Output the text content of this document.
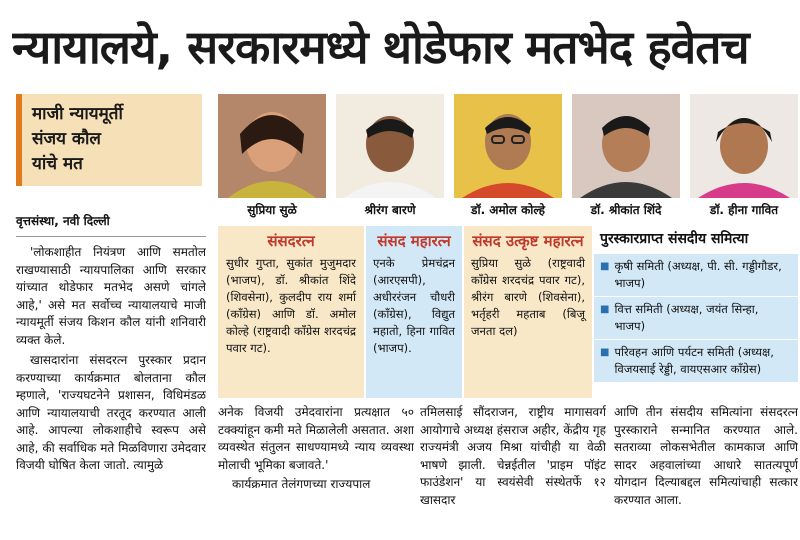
न्यायालये, सरकारमध्ये थोडेफार मतभेद हवेतच
माजी न्यायमूर्ती
संजय कौल
यांचे मत
सुप्रिया सुळे	श्रीरंग बारणे	डॉ. अमोल कोल्हे	डॉ. श्रीकांत शिंदे	डॉ. हीना गावित
वृत्तसंस्था, नवी दिल्ली

'लोकशाहीत नियंत्रण आणि समतोल राखण्यासाठी न्यायपालिका आणि सरकार यांच्यात थोडेफार मतभेद असणे चांगले आहे,' असे मत सर्वोच्च न्यायालयाचे माजी न्यायमूर्ती संजय किशन कौल यांनी शनिवारी व्यक्त केले.

खासदारांना संसदरत्न पुरस्कार प्रदान करण्याच्या कार्यक्रमात बोलताना कौल म्हणाले, 'राज्यघटनेने प्रशासन, विधिमंडळ आणि न्यायालयाची तरतूद करण्यात आली आहे. आपल्या लोकशाहीचे स्वरूप असे आहे, की सर्वाधिक मते मिळविणारा उमेदवार विजयी घोषित केला जातो. त्यामुळे

संसदरत्न
सुधीर गुप्ता, सुकांत मुजुमदार (भाजप), डॉ. श्रीकांत शिंदे (शिवसेना), कुलदीप राय शर्मा (काँग्रेस) आणि डॉ. अमोल कोल्हे (राष्ट्रवादी काँग्रेस शरदचंद्र पवार गट).
संसद महारत्न
एनके प्रेमचंद्रन (आरएसपी), अधीररंजन चौधरी (काँग्रेस), विद्युत महातो, हिना गावित (भाजप).
संसद उत्कृष्ट महारत्न
सुप्रिया सुळे (राष्ट्रवादी काँग्रेस शरदचंद्र पवार गट), श्रीरंग बारणे (शिवसेना), भर्तृहरी महताब (बिजू जनता दल)
पुरस्कारप्राप्त संसदीय समित्या
■ कृषी समिती (अध्यक्ष, पी. सी. गड्डीगौडर, भाजप)
■ वित्त समिती (अध्यक्ष, जयंत सिन्हा, भाजप)
■ परिवहन आणि पर्यटन समिती (अध्यक्ष, विजयसाई रेड्डी, वायएसआर काँग्रेस)

अनेक विजयी उमेदवारांना प्रत्यक्षात ५० टक्क्यांहून कमी मते मिळालेली असतात. अशा व्यवस्थेत संतुलन साधण्यामध्ये न्याय व्यवस्था मोलाची भूमिका बजावते.'

कार्यक्रमात तेलंगणच्या राज्यपाल

तमिलसाई सौंदराजन, राष्ट्रीय मागासवर्ग आयोगाचे अध्यक्ष हंसराज अहीर, केंद्रीय गृह राज्यमंत्री अजय मिश्रा यांचीही या वेळी भाषणे झाली. चेन्नईतील 'प्राइम पॉइंट फाउंडेशन' या स्वयंसेवी संस्थेतर्फे १२ खासदार

आणि तीन संसदीय समित्यांना संसदरत्न पुरस्काराने सन्मानित करण्यात आले. सतराव्या लोकसभेतील कामकाज आणि सादर अहवालांच्या आधारे सातत्यपूर्ण योगदान दिल्याबद्दल समित्यांचाही सत्कार करण्यात आला.
